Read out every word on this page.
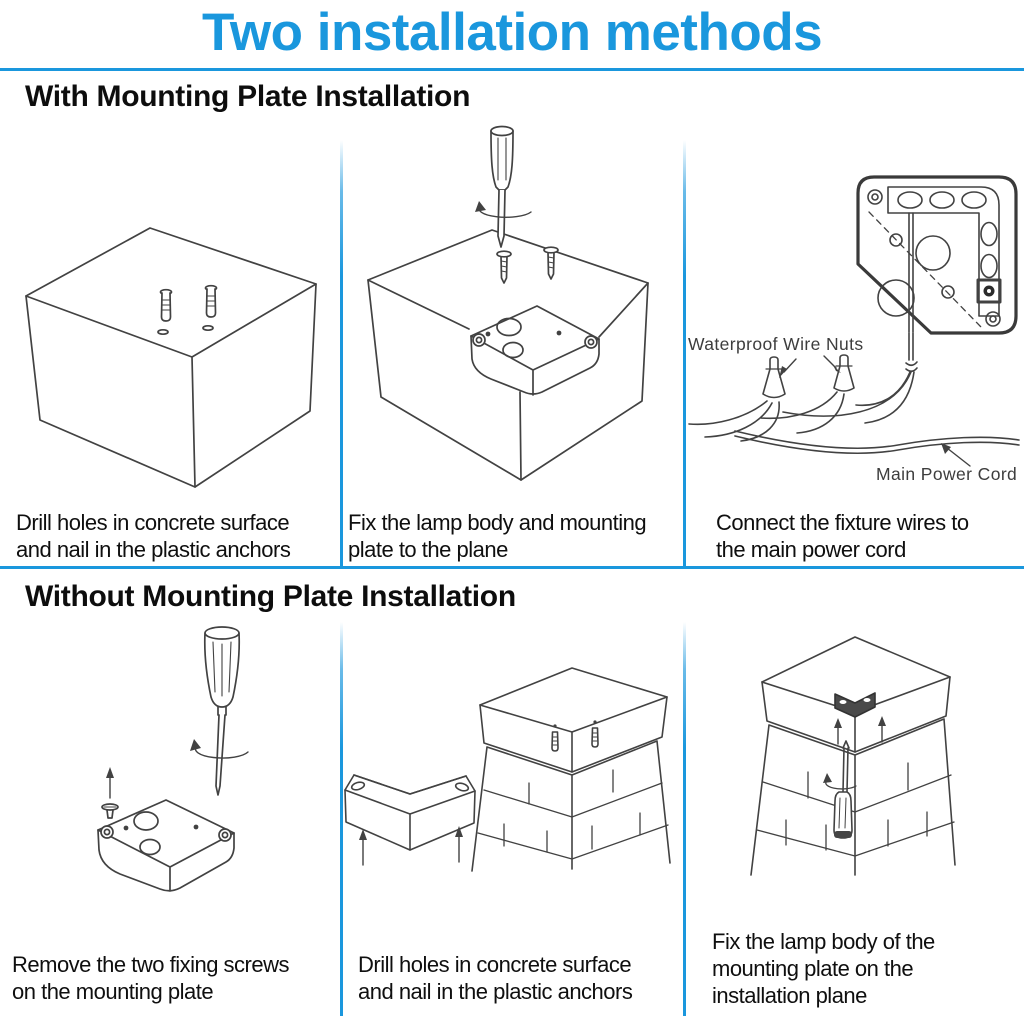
Two installation methods
With Mounting Plate Installation
Without Mounting Plate Installation
Waterproof Wire Nuts
Main Power Cord
Drill holes in concrete surface
and nail in the plastic anchors
Fix the lamp body and mounting
plate to the plane
Connect the fixture wires to
the main power cord
Remove the two fixing screws
on the mounting plate
Drill holes in concrete surface
and nail in the plastic anchors
Fix the lamp body of the
mounting plate on the
installation plane
